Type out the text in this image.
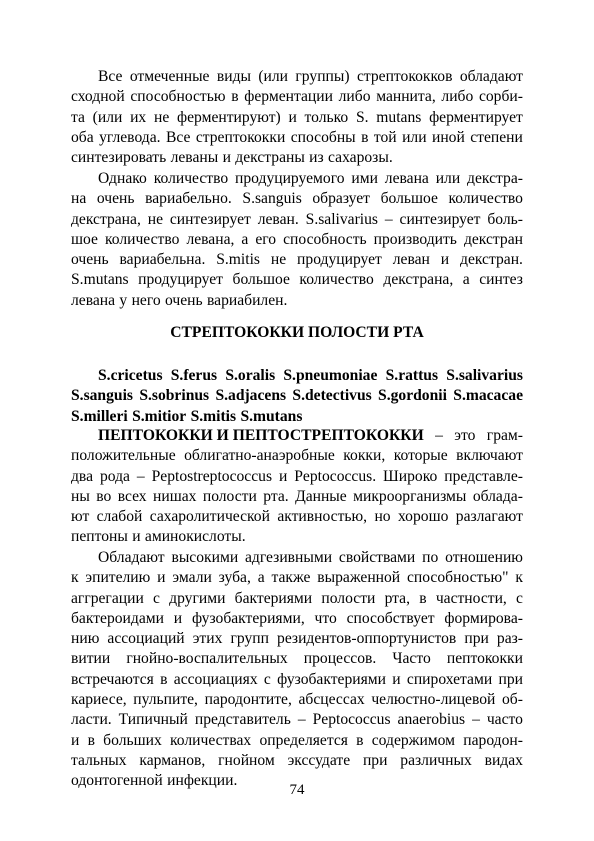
Все отмеченные виды (или группы) стрептококков обладают
сходной способностью в ферментации либо маннита, либо сорби-
та (или их не ферментируют) и только S. mutans ферментирует
оба углевода. Все стрептококки способны в той или иной степени
синтезировать леваны и декстраны из сахарозы.
Однако количество продуцируемого ими левана или декстра-
на очень вариабельно. S.sanguis образует большое количество
декстрана, не синтезирует леван. S.salivarius – синтезирует боль-
шое количество левана, а его способность производить декстран
очень вариабельна. S.mitis не продуцирует леван и декстран.
S.mutans продуцирует большое количество декстрана, а синтез
левана у него очень вариабилен.
СТРЕПТОКОККИ ПОЛОСТИ РТА
S.cricetus S.ferus S.oralis S.pneumoniae S.rattus S.salivarius
S.sanguis S.sobrinus S.adjacens S.detectivus S.gordonii S.macacae
S.milleri S.mitior S.mitis S.mutans
ПЕПТОКОККИ И ПЕПТОСТРЕПТОКОККИ – это грам-
положительные облигатно-анаэробные кокки, которые включают
два рода – Peptostreptococcus и Peptococcus. Широко представле-
ны во всех нишах полости рта. Данные микроорганизмы облада-
ют слабой сахаролитической активностью, но хорошо разлагают
пептоны и аминокислоты.
Обладают высокими адгезивными свойствами по отношению
к эпителию и эмали зуба, а также выраженной способностью" к
аггрегации с другими бактериями полости рта, в частности, с
бактероидами и фузобактериями, что способствует формирова-
нию ассоциаций этих групп резидентов-оппортунистов при раз-
витии гнойно-воспалительных процессов. Часто пептококки
встречаются в ассоциациях с фузобактериями и спирохетами при
кариесе, пульпите, пародонтите, абсцессах челюстно-лицевой об-
ласти. Типичный представитель – Peptococcus anaerobius – часто
и в больших количествах определяется в содержимом пародон-
тальных карманов, гнойном экссудате при различных видах
одонтогенной инфекции.
74
